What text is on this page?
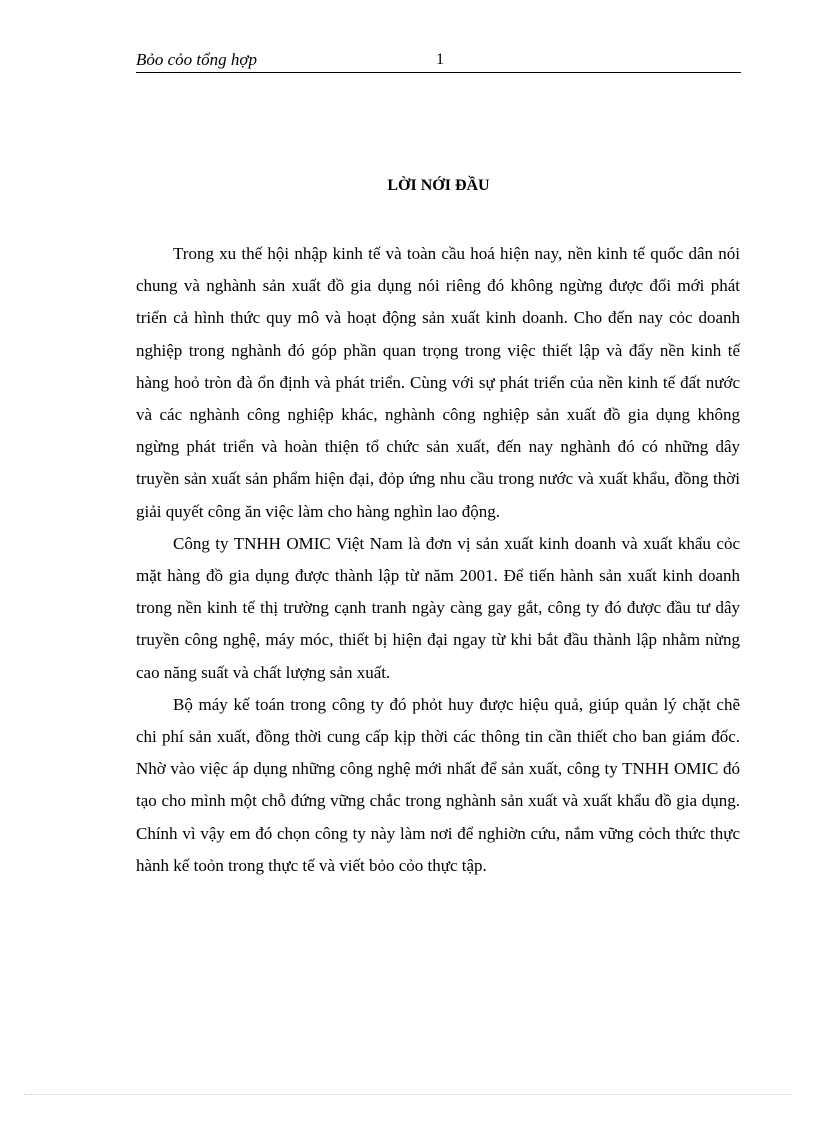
Bỏo cỏo tổng hợp	1
LỜI NỚI ĐẦU

Trong xu thế hội nhập kinh tế và toàn cầu hoá hiện nay, nền kinh tế quốc dân nói chung và nghành sản xuất đồ gia dụng nói riêng đó không ngừng được đổi mới phát triển cả hình thức quy mô và hoạt động sản xuất kinh doanh. Cho đến nay cỏc doanh nghiệp trong nghành đó góp phần quan trọng trong việc thiết lập và đẩy nền kinh tế hàng hoỏ tròn đà ổn định và phát triển. Cùng với sự phát triển của nền kinh tế đất nước và các nghành công nghiệp khác, nghành công nghiệp sản xuất đồ gia dụng không ngừng phát triển và hoàn thiện tổ chức sản xuất, đến nay nghành đó có những dây truyền sản xuất sản phẩm hiện đại, đỏp ứng nhu cầu trong nước và xuất khẩu, đồng thời giải quyết công ăn việc làm cho hàng nghìn lao động.

Công ty TNHH OMIC Việt Nam là đơn vị sản xuất kinh doanh và xuất khẩu cỏc mặt hàng đồ gia dụng được thành lập từ năm 2001. Để tiến hành sản xuất kinh doanh trong nền kinh tế thị trường cạnh tranh ngày càng gay gắt, công ty đó được đầu tư dây truyền công nghệ, máy móc, thiết bị hiện đại ngay từ khi bắt đầu thành lập nhằm nừng cao năng suất và chất lượng sản xuất.

Bộ máy kế toán trong công ty đó phỏt huy được hiệu quả, giúp quản lý chặt chẽ chi phí sản xuất, đồng thời cung cấp kịp thời các thông tin cần thiết cho ban giám đốc. Nhờ vào việc áp dụng những công nghệ mới nhất để sản xuất, công ty TNHH OMIC đó tạo cho mình một chỗ đứng vững chắc trong nghành sản xuất và xuất khẩu đồ gia dụng. Chính vì vậy em đó chọn công ty này làm nơi để nghiờn cứu, nắm vững cỏch thức thực hành kế toỏn trong thực tế và viết bỏo cỏo thực tập.
